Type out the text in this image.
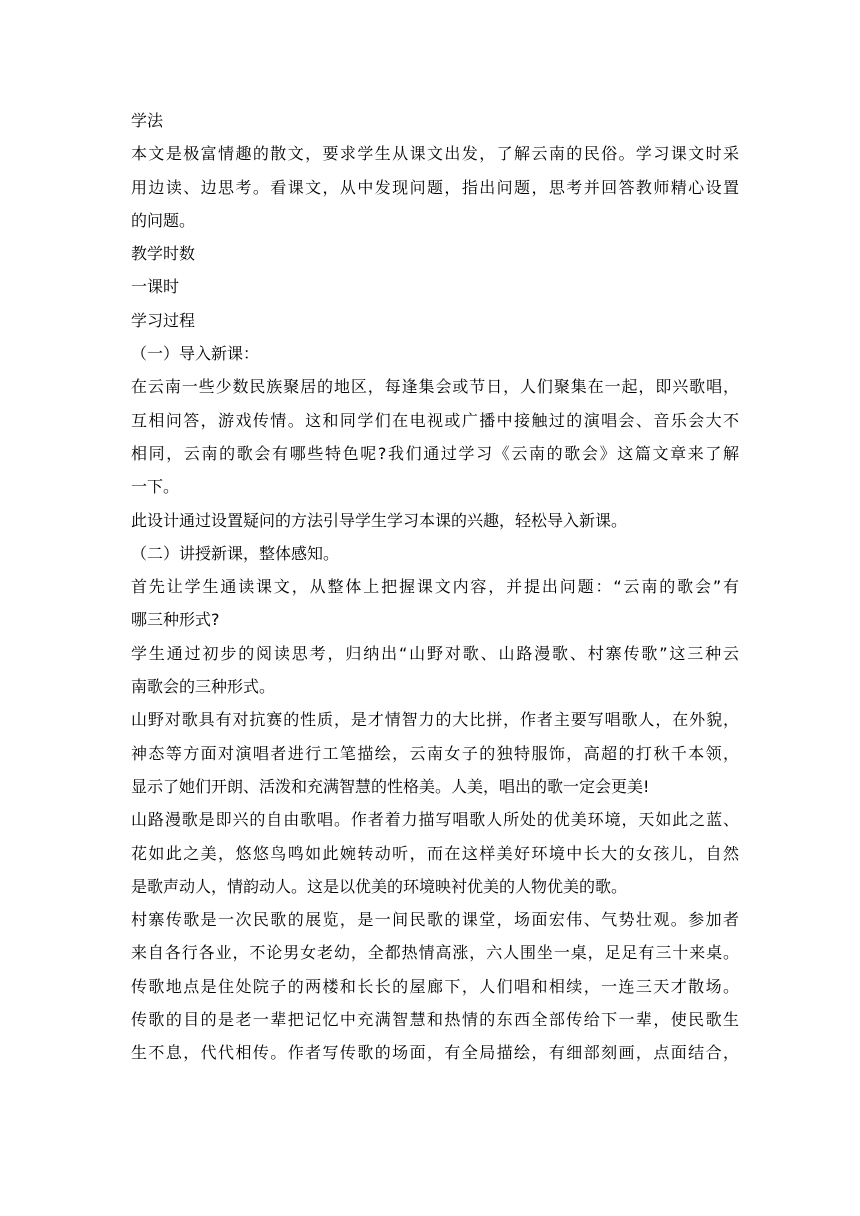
学法
本文是极富情趣的散文，要求学生从课文出发，了解云南的民俗。学习课文时采
用边读、边思考。看课文，从中发现问题，指出问题，思考并回答教师精心设置
的问题。
教学时数
一课时
学习过程
（一）导入新课：
在云南一些少数民族聚居的地区，每逢集会或节日，人们聚集在一起，即兴歌唱，
互相问答，游戏传情。这和同学们在电视或广播中接触过的演唱会、音乐会大不
相同，云南的歌会有哪些特色呢?我们通过学习《云南的歌会》这篇文章来了解
一下。
此设计通过设置疑问的方法引导学生学习本课的兴趣，轻松导入新课。
（二）讲授新课，整体感知。
首先让学生通读课文，从整体上把握课文内容，并提出问题：“云南的歌会”有
哪三种形式?
学生通过初步的阅读思考，归纳出“山野对歌、山路漫歌、村寨传歌”这三种云
南歌会的三种形式。
山野对歌具有对抗赛的性质，是才情智力的大比拼，作者主要写唱歌人，在外貌，
神态等方面对演唱者进行工笔描绘，云南女子的独特服饰，高超的打秋千本领，
显示了她们开朗、活泼和充满智慧的性格美。人美，唱出的歌一定会更美!
山路漫歌是即兴的自由歌唱。作者着力描写唱歌人所处的优美环境，天如此之蓝、
花如此之美，悠悠鸟鸣如此婉转动听，而在这样美好环境中长大的女孩儿，自然
是歌声动人，情韵动人。这是以优美的环境映衬优美的人物优美的歌。
村寨传歌是一次民歌的展览，是一间民歌的课堂，场面宏伟、气势壮观。参加者
来自各行各业，不论男女老幼，全都热情高涨，六人围坐一桌，足足有三十来桌。
传歌地点是住处院子的两楼和长长的屋廊下，人们唱和相续，一连三天才散场。
传歌的目的是老一辈把记忆中充满智慧和热情的东西全部传给下一辈，使民歌生
生不息，代代相传。作者写传歌的场面，有全局描绘，有细部刻画，点面结合，
